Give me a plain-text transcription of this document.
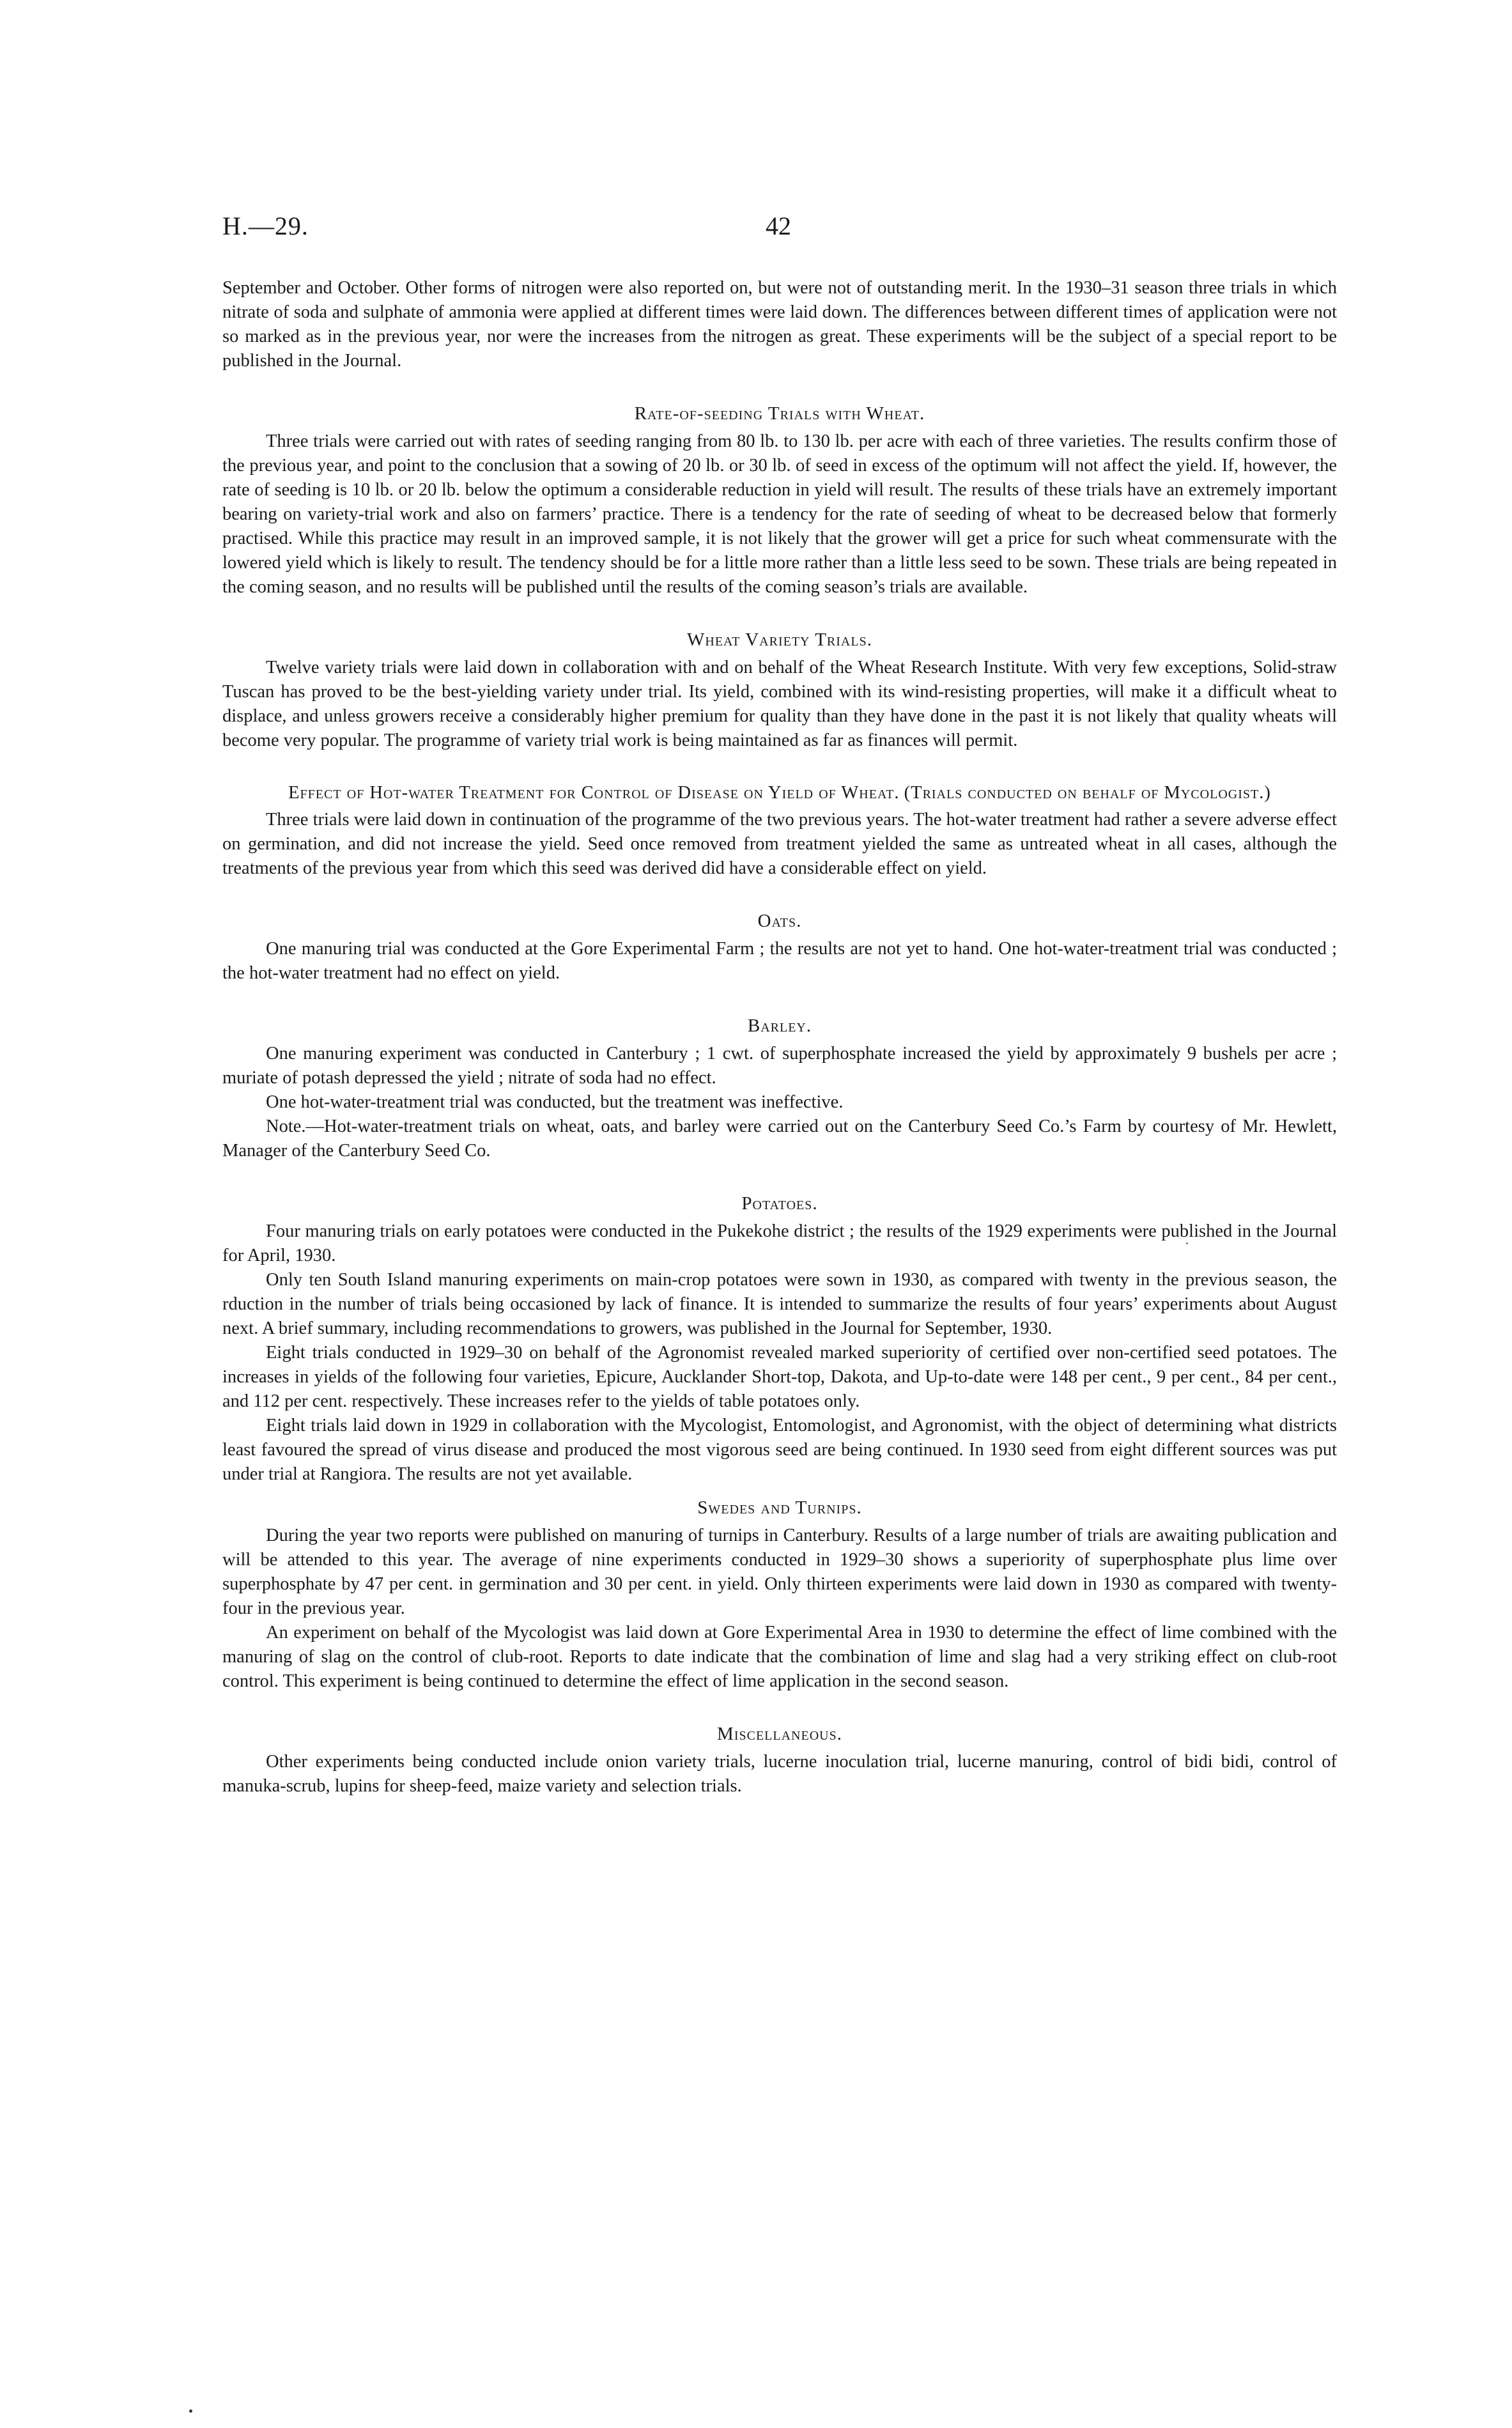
H.—29.	42

September and October. Other forms of nitrogen were also reported on, but were not of outstanding merit. In the 1930–31 season three trials in which nitrate of soda and sulphate of ammonia were applied at different times were laid down. The differences between different times of application were not so marked as in the previous year, nor were the increases from the nitrogen as great. These experiments will be the subject of a special report to be published in the Journal.

Rate-of-seeding Trials with Wheat.

Three trials were carried out with rates of seeding ranging from 80 lb. to 130 lb. per acre with each of three varieties. The results confirm those of the previous year, and point to the conclusion that a sowing of 20 lb. or 30 lb. of seed in excess of the optimum will not affect the yield. If, however, the rate of seeding is 10 lb. or 20 lb. below the optimum a considerable reduction in yield will result. The results of these trials have an extremely important bearing on variety-trial work and also on farmers’ practice. There is a tendency for the rate of seeding of wheat to be decreased below that formerly practised. While this practice may result in an improved sample, it is not likely that the grower will get a price for such wheat commensurate with the lowered yield which is likely to result. The tendency should be for a little more rather than a little less seed to be sown. These trials are being repeated in the coming season, and no results will be published until the results of the coming season’s trials are available.

Wheat Variety Trials.

Twelve variety trials were laid down in collaboration with and on behalf of the Wheat Research Institute. With very few exceptions, Solid-straw Tuscan has proved to be the best-yielding variety under trial. Its yield, combined with its wind-resisting properties, will make it a difficult wheat to displace, and unless growers receive a considerably higher premium for quality than they have done in the past it is not likely that quality wheats will become very popular. The programme of variety trial work is being maintained as far as finances will permit.

Effect of Hot-water Treatment for Control of Disease on Yield of Wheat. (Trials conducted on behalf of Mycologist.)

Three trials were laid down in continuation of the programme of the two previous years. The hot-water treatment had rather a severe adverse effect on germination, and did not increase the yield. Seed once removed from treatment yielded the same as untreated wheat in all cases, although the treatments of the previous year from which this seed was derived did have a considerable effect on yield.

Oats.

One manuring trial was conducted at the Gore Experimental Farm ; the results are not yet to hand. One hot-water-treatment trial was conducted ; the hot-water treatment had no effect on yield.

Barley.

One manuring experiment was conducted in Canterbury ; 1 cwt. of superphosphate increased the yield by approximately 9 bushels per acre ; muriate of potash depressed the yield ; nitrate of soda had no effect.

One hot-water-treatment trial was conducted, but the treatment was ineffective.

Note.—Hot-water-treatment trials on wheat, oats, and barley were carried out on the Canterbury Seed Co.’s Farm by courtesy of Mr. Hewlett, Manager of the Canterbury Seed Co.

Potatoes.

Four manuring trials on early potatoes were conducted in the Pukekohe district ; the results of the 1929 experiments were published in the Journal for April, 1930.

Only ten South Island manuring experiments on main-crop potatoes were sown in 1930, as compared with twenty in the previous season, the rduction in the number of trials being occasioned by lack of finance. It is intended to summarize the results of four years’ experiments about August next. A brief summary, including recommendations to growers, was published in the Journal for September, 1930.

Eight trials conducted in 1929–30 on behalf of the Agronomist revealed marked superiority of certified over non-certified seed potatoes. The increases in yields of the following four varieties, Epicure, Aucklander Short-top, Dakota, and Up-to-date were 148 per cent., 9 per cent., 84 per cent., and 112 per cent. respectively. These increases refer to the yields of table potatoes only.

Eight trials laid down in 1929 in collaboration with the Mycologist, Entomologist, and Agronomist, with the object of determining what districts least favoured the spread of virus disease and produced the most vigorous seed are being continued. In 1930 seed from eight different sources was put under trial at Rangiora. The results are not yet available.

Swedes and Turnips.

During the year two reports were published on manuring of turnips in Canterbury. Results of a large number of trials are awaiting publication and will be attended to this year. The average of nine experiments conducted in 1929–30 shows a superiority of superphosphate plus lime over superphosphate by 47 per cent. in germination and 30 per cent. in yield. Only thirteen experiments were laid down in 1930 as compared with twenty-four in the previous year.

An experiment on behalf of the Mycologist was laid down at Gore Experimental Area in 1930 to determine the effect of lime combined with the manuring of slag on the control of club-root. Reports to date indicate that the combination of lime and slag had a very striking effect on club-root control. This experiment is being continued to determine the effect of lime application in the second season.

Miscellaneous.

Other experiments being conducted include onion variety trials, lucerne inoculation trial, lucerne manuring, control of bidi bidi, control of manuka-scrub, lupins for sheep-feed, maize variety and selection trials.
